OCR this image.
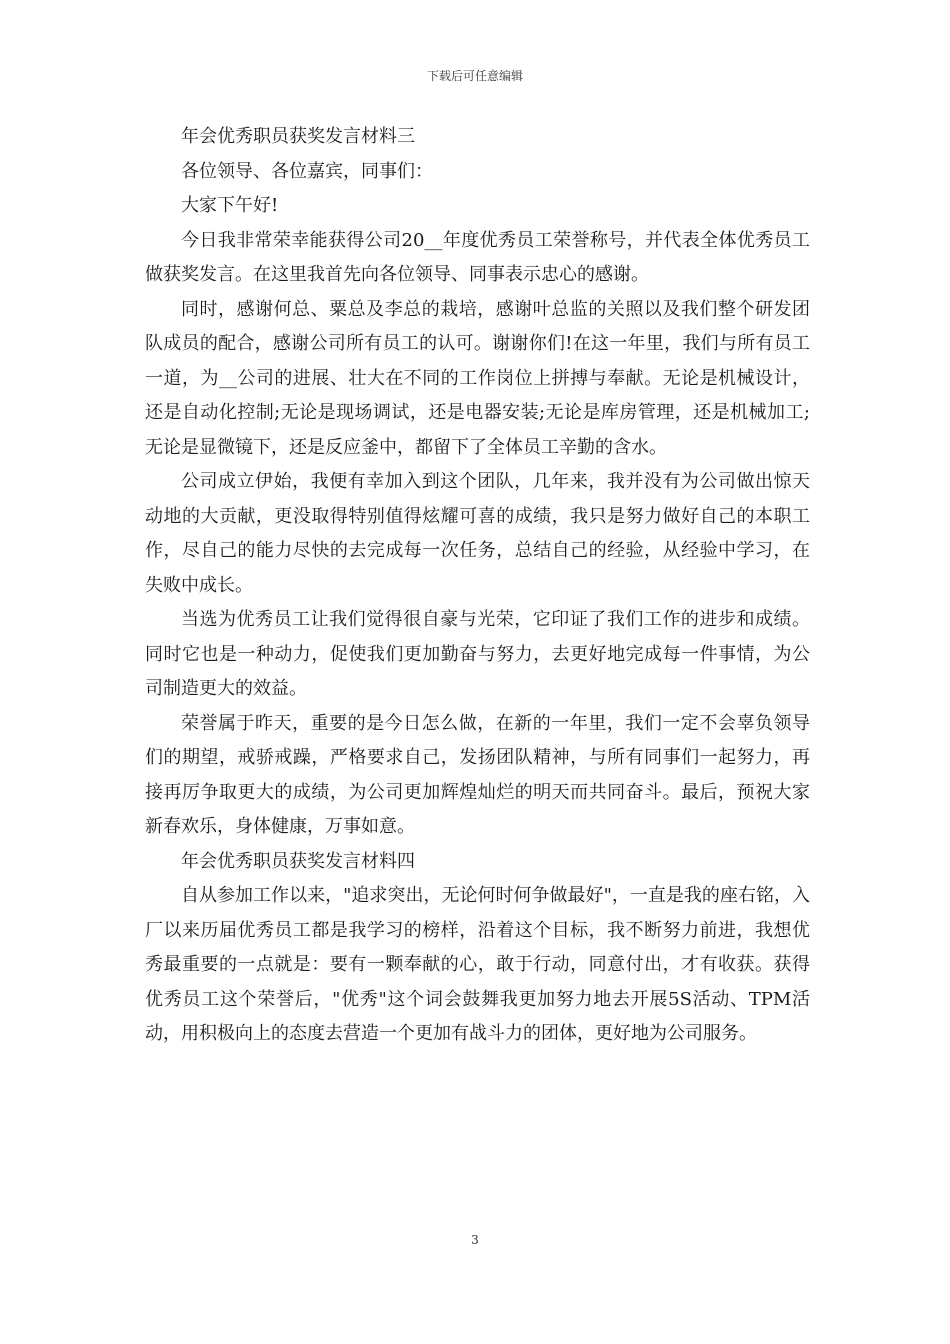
下载后可任意编辑

年会优秀职员获奖发言材料三

各位领导、各位嘉宾，同事们：

大家下午好!

今日我非常荣幸能获得公司20__年度优秀员工荣誉称号，并代表全体优秀员工做获奖发言。在这里我首先向各位领导、同事表示忠心的感谢。

同时，感谢何总、粟总及李总的栽培，感谢叶总监的关照以及我们整个研发团队成员的配合，感谢公司所有员工的认可。谢谢你们!在这一年里，我们与所有员工一道，为__公司的进展、壮大在不同的工作岗位上拼搏与奉献。无论是机械设计，还是自动化控制;无论是现场调试，还是电器安装;无论是库房管理，还是机械加工;无论是显微镜下，还是反应釜中，都留下了全体员工辛勤的含水。

公司成立伊始，我便有幸加入到这个团队，几年来，我并没有为公司做出惊天动地的大贡献，更没取得特别值得炫耀可喜的成绩，我只是努力做好自己的本职工作，尽自己的能力尽快的去完成每一次任务，总结自己的经验，从经验中学习，在失败中成长。

当选为优秀员工让我们觉得很自豪与光荣，它印证了我们工作的进步和成绩。同时它也是一种动力，促使我们更加勤奋与努力，去更好地完成每一件事情，为公司制造更大的效益。

荣誉属于昨天，重要的是今日怎么做，在新的一年里，我们一定不会辜负领导们的期望，戒骄戒躁，严格要求自己，发扬团队精神，与所有同事们一起努力，再接再厉争取更大的成绩，为公司更加辉煌灿烂的明天而共同奋斗。最后，预祝大家新春欢乐，身体健康，万事如意。

年会优秀职员获奖发言材料四

自从参加工作以来，"追求突出，无论何时何争做最好"，一直是我的座右铭，入厂以来历届优秀员工都是我学习的榜样，沿着这个目标，我不断努力前进，我想优秀最重要的一点就是：要有一颗奉献的心，敢于行动，同意付出，才有收获。获得优秀员工这个荣誉后，"优秀"这个词会鼓舞我更加努力地去开展5S活动、TPM活动，用积极向上的态度去营造一个更加有战斗力的团体，更好地为公司服务。

3
